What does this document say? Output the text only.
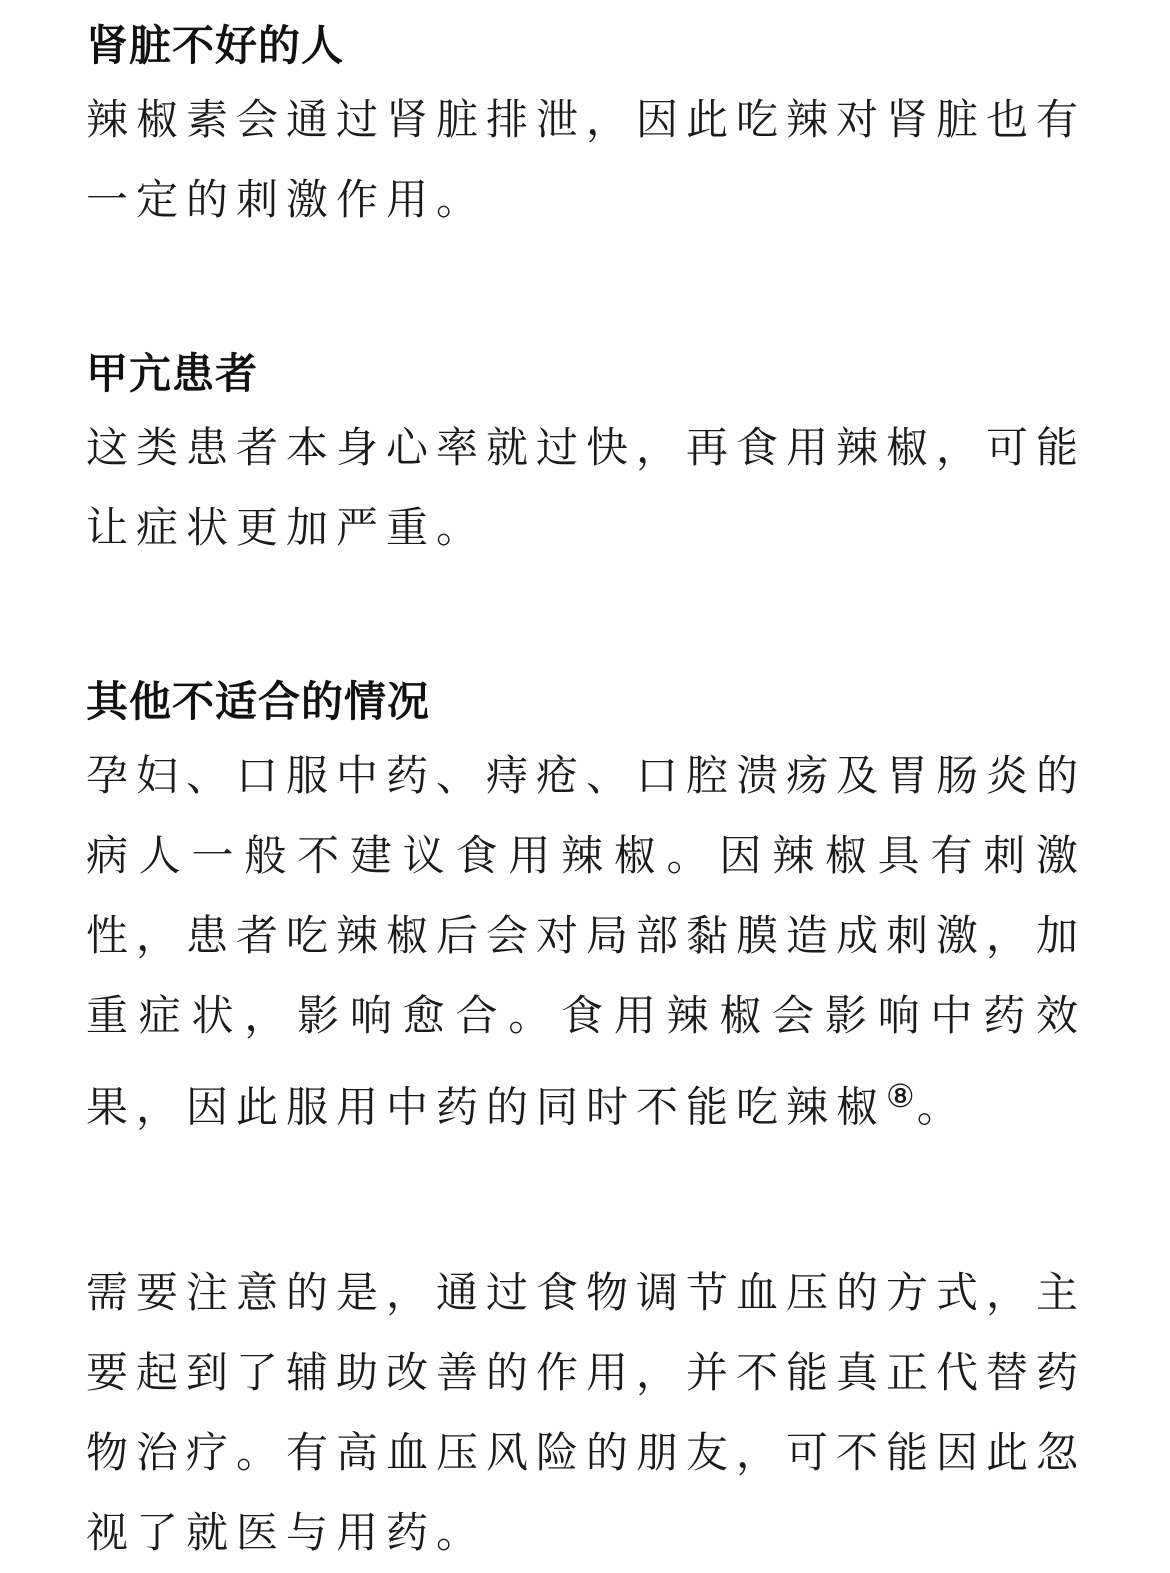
肾脏不好的人

辣椒素会通过肾脏排泄，因此吃辣对肾脏也有一定的刺激作用。

甲亢患者

这类患者本身心率就过快，再食用辣椒，可能让症状更加严重。

其他不适合的情况

孕妇、口服中药、痔疮、口腔溃疡及胃肠炎的病人一般不建议食用辣椒。因辣椒具有刺激性，患者吃辣椒后会对局部黏膜造成刺激，加重症状，影响愈合。食用辣椒会影响中药效果，因此服用中药的同时不能吃辣椒⑧。

需要注意的是，通过食物调节血压的方式，主要起到了辅助改善的作用，并不能真正代替药物治疗。有高血压风险的朋友，可不能因此忽视了就医与用药。
